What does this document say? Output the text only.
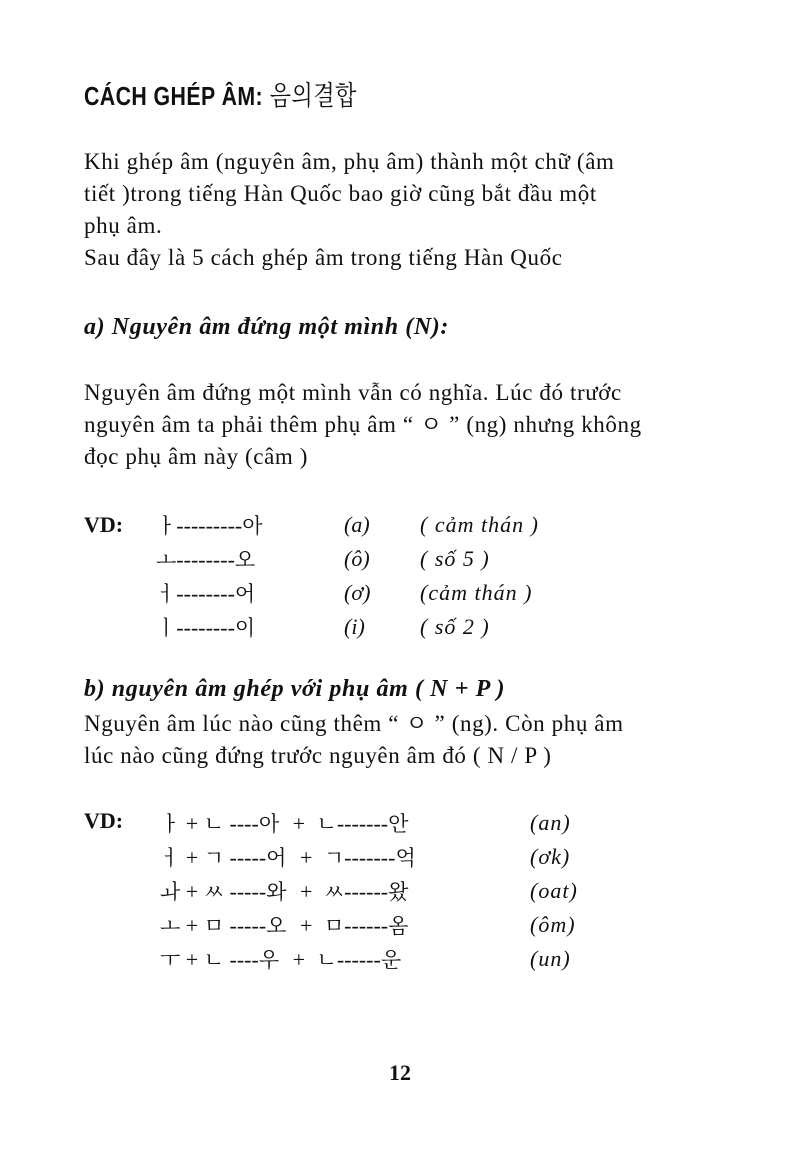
CÁCH GHÉP ÂM: 음의결합
Khi ghép âm (nguyên âm, phụ âm) thành một chữ (âm
tiết )trong tiếng Hàn Quốc bao giờ cũng bắt đầu một
phụ âm.
Sau đây là 5 cách ghép âm trong tiếng Hàn Quốc
a) Nguyên âm đứng một mình (N):
Nguyên âm đứng một mình vẫn có nghĩa. Lúc đó trước
nguyên âm ta phải thêm phụ âm “ ㅇ ” (ng) nhưng không
đọc phụ âm này (câm )
VD: ㅏ---------아	(a) ( cảm thán )
ㅗ--------오	(ô) ( số 5 )
ㅓ--------어	(ơ) (cảm thán )
ㅣ--------이	(i)	( số 2 )
b) nguyên âm ghép với phụ âm ( N + P )
Nguyên âm lúc nào cũng thêm “ ㅇ ” (ng). Còn phụ âm
lúc nào cũng đứng trước nguyên âm đó ( N / P )
VD: ㅏ + ㄴ ----아 + ㄴ-------안	(an)
ㅓ + ㄱ -----어 + ㄱ-------억	(ơk)
ㅘ + ㅆ -----와 + ㅆ------왔	(oat)
ㅗ + ㅁ -----오 + ㅁ------옴	(ôm)
ㅜ + ㄴ ----우 + ㄴ------운	(un)
12
